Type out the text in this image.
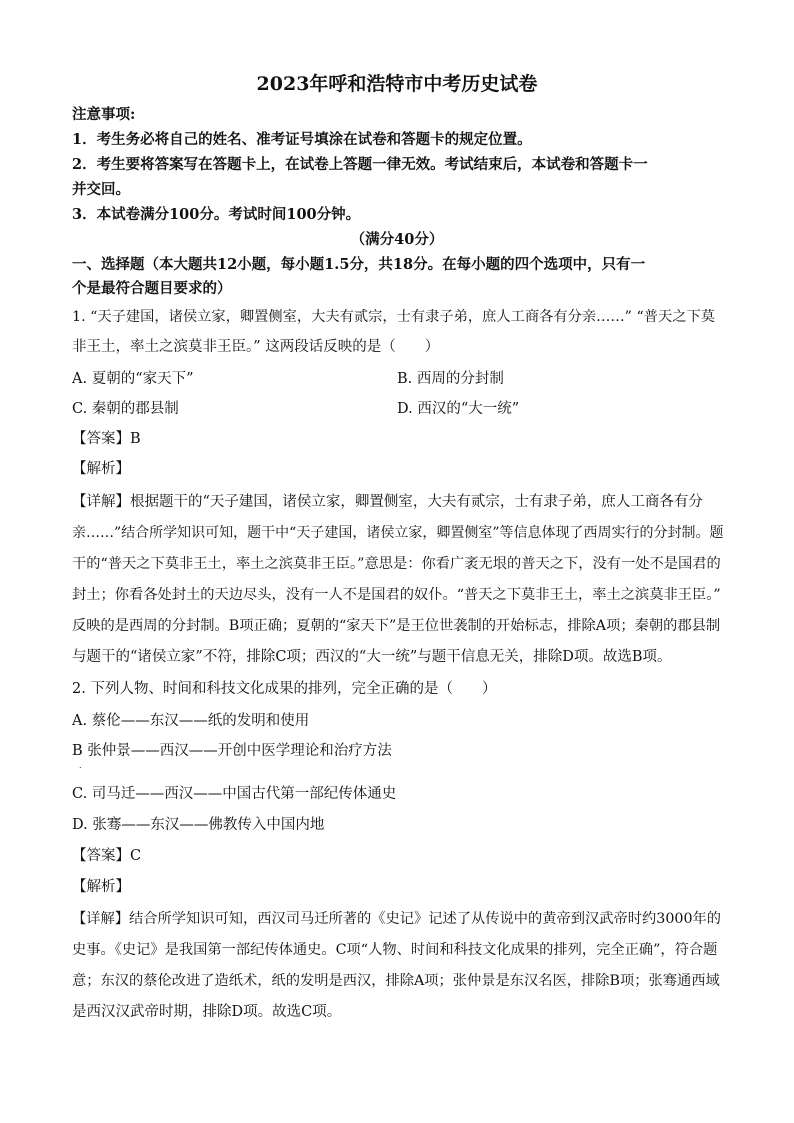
2023年呼和浩特市中考历史试卷
注意事项:
1．考生务必将自己的姓名、准考证号填涂在试卷和答题卡的规定位置。
2．考生要将答案写在答题卡上，在试卷上答题一律无效。考试结束后，本试卷和答题卡一
并交回。
3．本试卷满分100分。考试时间100分钟。
（满分40分）
一、选择题（本大题共12小题，每小题1.5分，共18分。在每小题的四个选项中，只有一
个是最符合题目要求的）
1. “天子建国，诸侯立家，卿置侧室，大夫有贰宗，士有隶子弟，庶人工商各有分亲……” “普天之下莫
非王土，率土之滨莫非王臣。” 这两段话反映的是（　　）
A. 夏朝的“家天下”	B. 西周的分封制
C. 秦朝的郡县制	D. 西汉的“大一统”
【答案】B
【解析】
【详解】根据题干的“天子建国，诸侯立家，卿置侧室，大夫有贰宗，士有隶子弟，庶人工商各有分
亲……”结合所学知识可知，题干中“天子建国，诸侯立家，卿置侧室”等信息体现了西周实行的分封制。题
干的“普天之下莫非王土，率土之滨莫非王臣。”意思是：你看广袤无垠的普天之下，没有一处不是国君的
封土；你看各处封土的天边尽头，没有一人不是国君的奴仆。“普天之下莫非王土，率土之滨莫非王臣。”
反映的是西周的分封制。B项正确；夏朝的“家天下”是王位世袭制的开始标志，排除A项；秦朝的郡县制
与题干的“诸侯立家”不符，排除C项；西汉的“大一统”与题干信息无关，排除D项。故选B项。
2. 下列人物、时间和科技文化成果的排列，完全正确的是（　　）
A. 蔡伦——东汉——纸的发明和使用
B 张仲景——西汉——开创中医学理论和治疗方法
.
C. 司马迁——西汉——中国古代第一部纪传体通史
D. 张骞——东汉——佛教传入中国内地
【答案】C
【解析】
【详解】结合所学知识可知，西汉司马迁所著的《史记》记述了从传说中的黄帝到汉武帝时约3000年的
史事。《史记》是我国第一部纪传体通史。C项“人物、时间和科技文化成果的排列，完全正确”，符合题
意；东汉的蔡伦改进了造纸术，纸的发明是西汉，排除A项；张仲景是东汉名医，排除B项；张骞通西域
是西汉汉武帝时期，排除D项。故选C项。
